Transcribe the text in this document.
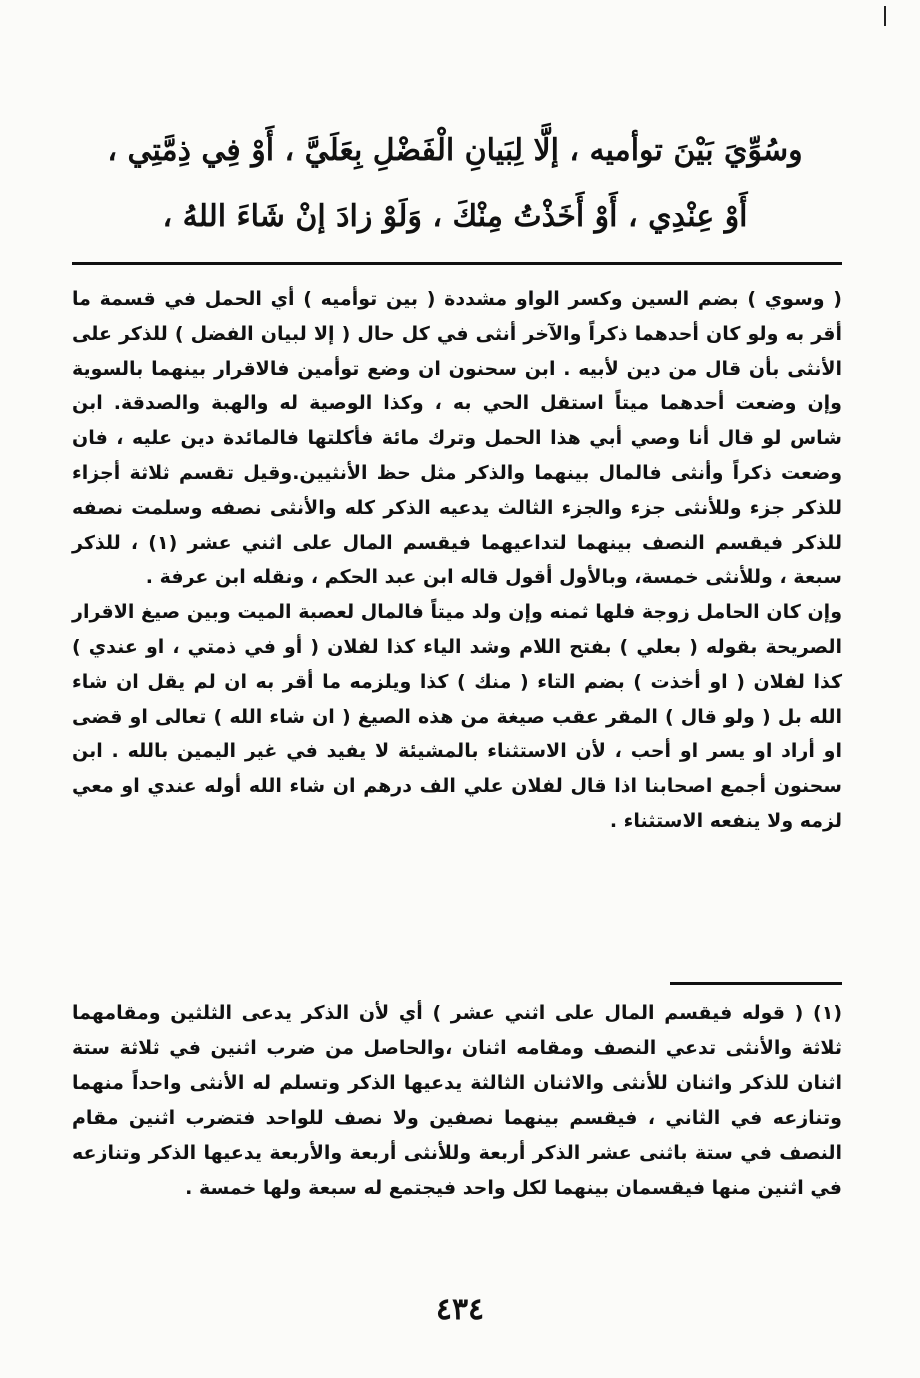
وسُوِّيَ بَيْنَ توأميه ، إلَّا لِبَيانِ الْفَضْلِ بِعَلَيَّ ، أَوْ فِي ذِمَّتِي ،
أَوْ عِنْدِي ، أَوْ أَخَذْتُ مِنْكَ ، وَلَوْ زادَ إنْ شَاءَ اللهُ ،

( وسوي ) بضم السين وكسر الواو مشددة ( بين توأميه ) أي الحمل في قسمة ما أقر به ولو كان أحدهما ذكراً والآخر أنثى في كل حال ( إلا لبيان الفضل ) للذكر على الأنثى بأن قال من دين لأبيه . ابن سحنون ان وضع توأمين فالاقرار بينهما بالسوية وإن وضعت أحدهما ميتاً استقل الحي به ، وكذا الوصية له والهبة والصدقة. ابن شاس لو قال أنا وصي أبي هذا الحمل وترك مائة فأكلتها فالمائدة دين عليه ، فان وضعت ذكراً وأنثى فالمال بينهما والذكر مثل حظ الأنثيين.وقيل تقسم ثلاثة أجزاء للذكر جزء وللأنثى جزء والجزء الثالث يدعيه الذكر كله والأنثى نصفه وسلمت نصفه للذكر فيقسم النصف بينهما لتداعيهما فيقسم المال على اثني عشر (١) ، للذكر سبعة ، وللأنثى خمسة، وبالأول أقول قاله ابن عبد الحكم ، ونقله ابن عرفة .

وإن كان الحامل زوجة فلها ثمنه وإن ولد ميتاً فالمال لعصبة الميت وبين صيغ الاقرار الصريحة بقوله ( بعلي ) بفتح اللام وشد الياء كذا لفلان ( أو في ذمتي ، او عندي ) كذا لفلان ( او أخذت ) بضم التاء ( منك ) كذا ويلزمه ما أقر به ان لم يقل ان شاء الله بل ( ولو قال ) المقر عقب صيغة من هذه الصيغ ( ان شاء الله ) تعالى او قضى او أراد او يسر او أحب ، لأن الاستثناء بالمشيئة لا يفيد في غير اليمين بالله . ابن سحنون أجمع اصحابنا اذا قال لفلان علي الف درهم ان شاء الله أوله عندي او معي لزمه ولا ينفعه الاستثناء .

(١) ( قوله فيقسم المال على اثني عشر ) أي لأن الذكر يدعى الثلثين ومقامهما ثلاثة والأنثى تدعي النصف ومقامه اثنان ،والحاصل من ضرب اثنين في ثلاثة ستة اثنان للذكر واثنان للأنثى والاثنان الثالثة يدعيها الذكر وتسلم له الأنثى واحداً منهما وتنازعه في الثاني ، فيقسم بينهما نصفين ولا نصف للواحد فتضرب اثنين مقام النصف في ستة باثنى عشر الذكر أربعة وللأنثى أربعة والأربعة يدعيها الذكر وتنازعه في اثنين منها فيقسمان بينهما لكل واحد فيجتمع له سبعة ولها خمسة .

٤٣٤
